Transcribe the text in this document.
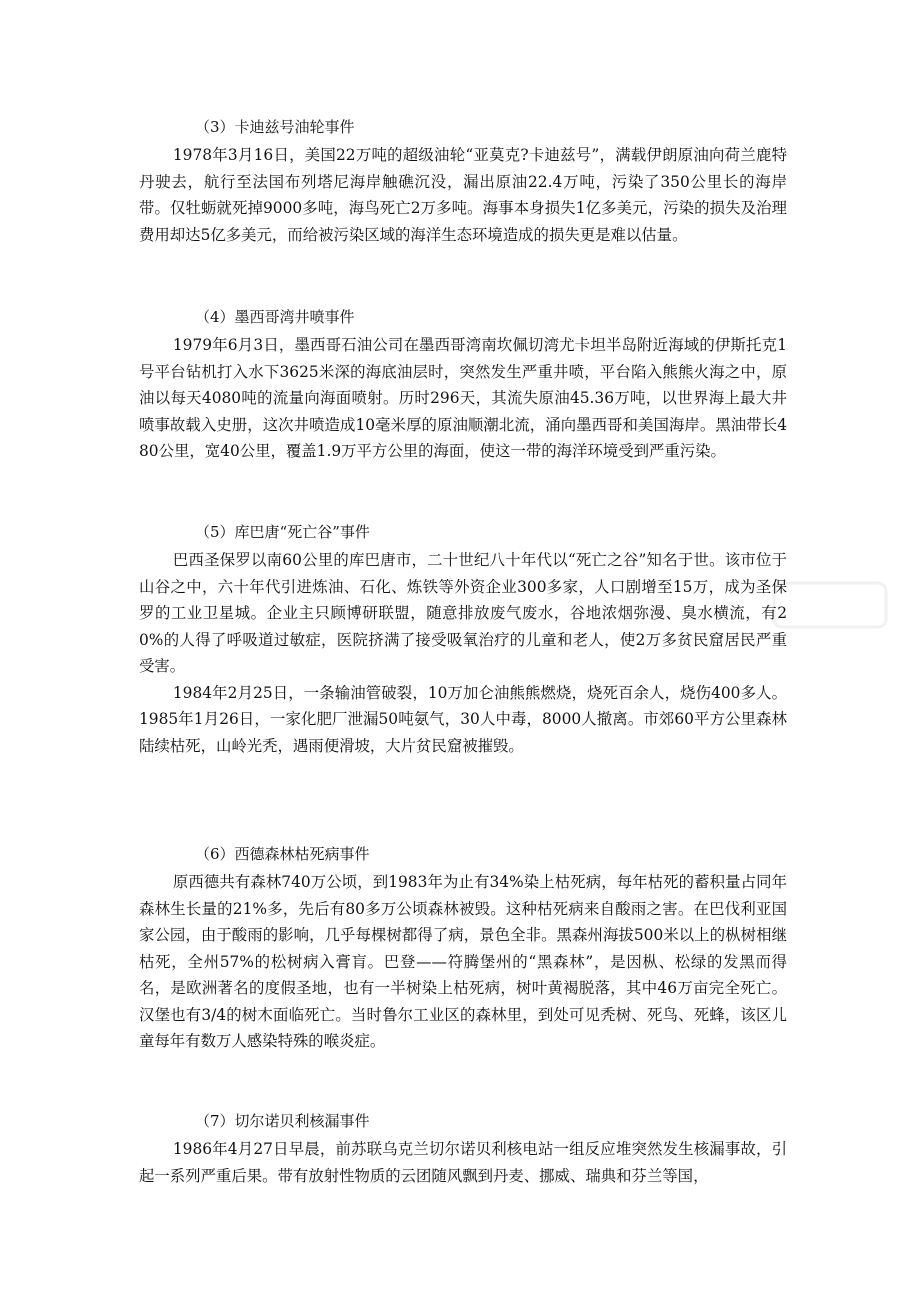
（3）卡迪兹号油轮事件

1978年3月16日，美国22万吨的超级油轮“亚莫克?卡迪兹号”，满载伊朗原油向荷兰鹿特丹驶去，航行至法国布列塔尼海岸触礁沉没，漏出原油22.4万吨，污染了350公里长的海岸带。仅牡蛎就死掉9000多吨，海鸟死亡2万多吨。海事本身损失1亿多美元，污染的损失及治理费用却达5亿多美元，而给被污染区域的海洋生态环境造成的损失更是难以估量。

（4）墨西哥湾井喷事件

1979年6月3日，墨西哥石油公司在墨西哥湾南坎佩切湾尤卡坦半岛附近海域的伊斯托克1号平台钻机打入水下3625米深的海底油层时，突然发生严重井喷，平台陷入熊熊火海之中，原油以每天4080吨的流量向海面喷射。历时296天，其流失原油45.36万吨，以世界海上最大井喷事故载入史册，这次井喷造成10毫米厚的原油顺潮北流，涌向墨西哥和美国海岸。黑油带长480公里，宽40公里，覆盖1.9万平方公里的海面，使这一带的海洋环境受到严重污染。

（5）库巴唐“死亡谷”事件

巴西圣保罗以南60公里的库巴唐市，二十世纪八十年代以“死亡之谷”知名于世。该市位于山谷之中，六十年代引进炼油、石化、炼铁等外资企业300多家，人口剧增至15万，成为圣保罗的工业卫星城。企业主只顾博研联盟，随意排放废气废水，谷地浓烟弥漫、臭水横流，有20%的人得了呼吸道过敏症，医院挤满了接受吸氧治疗的儿童和老人，使2万多贫民窟居民严重受害。

1984年2月25日，一条输油管破裂，10万加仑油熊熊燃烧，烧死百余人，烧伤400多人。1985年1月26日，一家化肥厂泄漏50吨氨气，30人中毒，8000人撤离。市郊60平方公里森林陆续枯死，山岭光秃，遇雨便滑坡，大片贫民窟被摧毁。

（6）西德森林枯死病事件

原西德共有森林740万公顷，到1983年为止有34%染上枯死病，每年枯死的蓄积量占同年森林生长量的21%多，先后有80多万公顷森林被毁。这种枯死病来自酸雨之害。在巴伐利亚国家公园，由于酸雨的影响，几乎每棵树都得了病，景色全非。黑森州海拔500米以上的枞树相继枯死，全州57%的松树病入膏肓。巴登——符腾堡州的“黑森林”，是因枞、松绿的发黑而得名，是欧洲著名的度假圣地，也有一半树染上枯死病，树叶黄褐脱落，其中46万亩完全死亡。汉堡也有3/4的树木面临死亡。当时鲁尔工业区的森林里，到处可见秃树、死鸟、死蜂，该区儿童每年有数万人感染特殊的喉炎症。

（7）切尔诺贝利核漏事件

1986年4月27日早晨，前苏联乌克兰切尔诺贝利核电站一组反应堆突然发生核漏事故，引起一系列严重后果。带有放射性物质的云团随风飘到丹麦、挪威、瑞典和芬兰等国，
